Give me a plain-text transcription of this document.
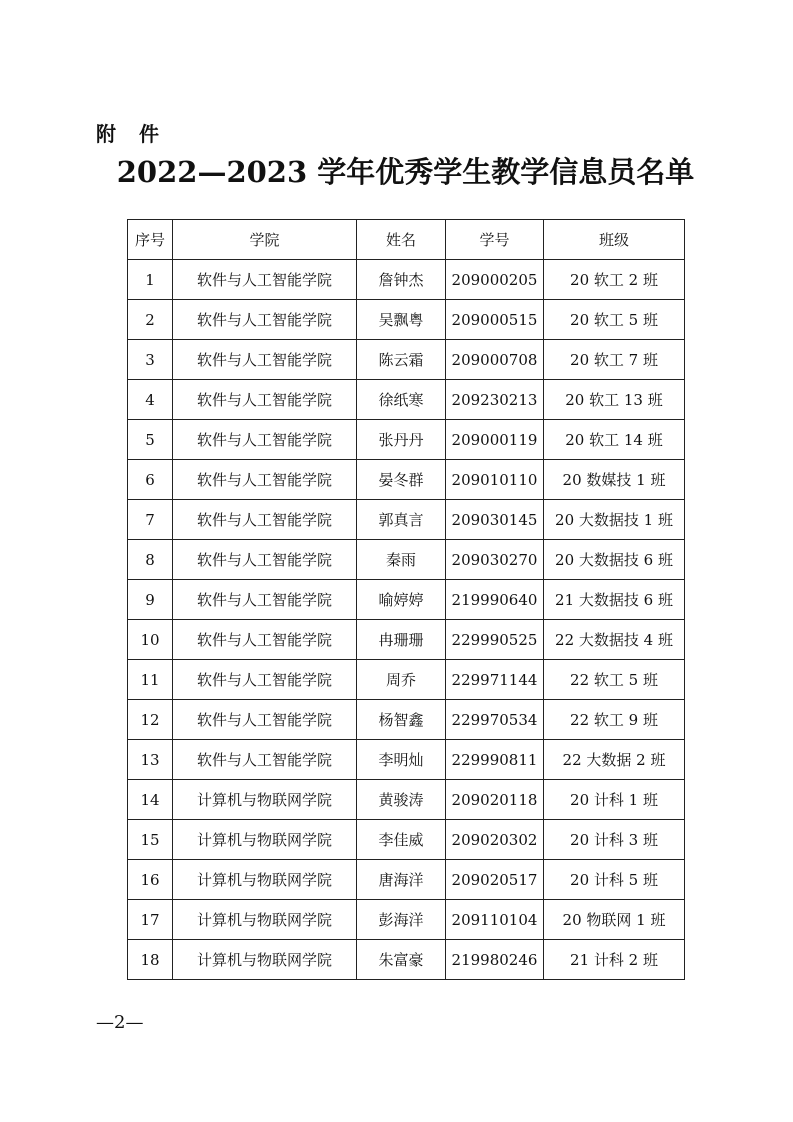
附 件
2022—2023 学年优秀学生教学信息员名单
序号	学院	姓名	学号	班级
1	软件与人工智能学院	詹钟杰	209000205	20 软工 2 班
2	软件与人工智能学院	吴飘粤	209000515	20 软工 5 班
3	软件与人工智能学院	陈云霜	209000708	20 软工 7 班
4	软件与人工智能学院	徐纸寒	209230213	20 软工 13 班
5	软件与人工智能学院	张丹丹	209000119	20 软工 14 班
6	软件与人工智能学院	晏冬群	209010110	20 数媒技 1 班
7	软件与人工智能学院	郭真言	209030145	20 大数据技 1 班
8	软件与人工智能学院	秦雨	209030270	20 大数据技 6 班
9	软件与人工智能学院	喻婷婷	219990640	21 大数据技 6 班
10	软件与人工智能学院	冉珊珊	229990525	22 大数据技 4 班
11	软件与人工智能学院	周乔	229971144	22 软工 5 班
12	软件与人工智能学院	杨智鑫	229970534	22 软工 9 班
13	软件与人工智能学院	李明灿	229990811	22 大数据 2 班
14	计算机与物联网学院	黄骏涛	209020118	20 计科 1 班
15	计算机与物联网学院	李佳威	209020302	20 计科 3 班
16	计算机与物联网学院	唐海洋	209020517	20 计科 5 班
17	计算机与物联网学院	彭海洋	209110104	20 物联网 1 班
18	计算机与物联网学院	朱富豪	219980246	21 计科 2 班
—2—
